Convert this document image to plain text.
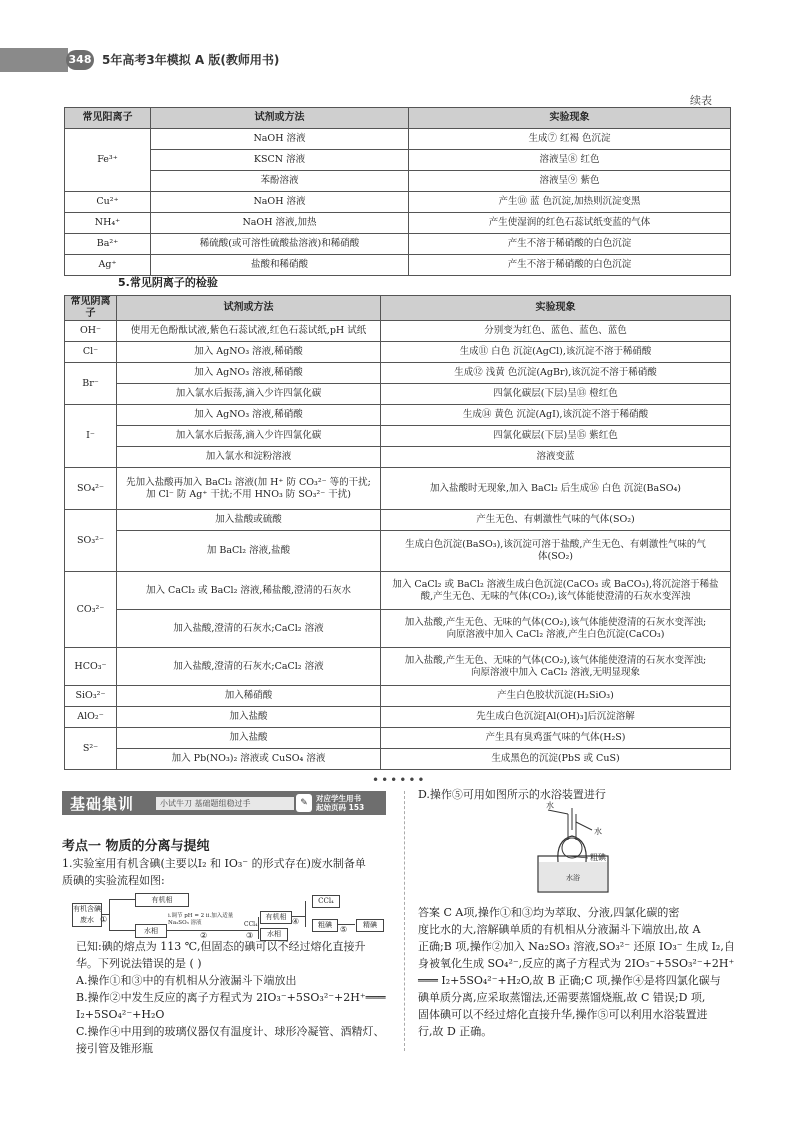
348 5年高考3年模拟 A 版(教师用书)
续表
常见阳离子	试剂或方法	实验现象
Fe³⁺	NaOH 溶液	生成⑦ 红褐 色沉淀
	KSCN 溶液	溶液呈⑧ 红色
	苯酚溶液	溶液呈⑨ 紫色
Cu²⁺	NaOH 溶液	产生⑩ 蓝 色沉淀,加热则沉淀变黑
NH₄⁺	NaOH 溶液,加热	产生使湿润的红色石蕊试纸变蓝的气体
Ba²⁺	稀硫酸(或可溶性硫酸盐溶液)和稀硝酸	产生不溶于稀硝酸的白色沉淀
Ag⁺	盐酸和稀硝酸	产生不溶于稀硝酸的白色沉淀
5.常见阴离子的检验
常见阴离子	试剂或方法	实验现象
OH⁻	使用无色酚酞试液,紫色石蕊试液,红色石蕊试纸,pH 试纸	分别变为红色、蓝色、蓝色、蓝色
Cl⁻	加入 AgNO₃ 溶液,稀硝酸	生成⑪ 白色 沉淀(AgCl),该沉淀不溶于稀硝酸
Br⁻	加入 AgNO₃ 溶液,稀硝酸	生成⑫ 浅黄 色沉淀(AgBr),该沉淀不溶于稀硝酸
	加入氯水后振荡,滴入少许四氯化碳	四氯化碳层(下层)呈⑬ 橙红色
I⁻	加入 AgNO₃ 溶液,稀硝酸	生成⑭ 黄色 沉淀(AgI),该沉淀不溶于稀硝酸
	加入氯水后振荡,滴入少许四氯化碳	四氯化碳层(下层)呈⑮ 紫红色
	加入氯水和淀粉溶液	溶液变蓝
SO₄²⁻	先加入盐酸再加入 BaCl₂ 溶液(加 H⁺ 防 CO₃²⁻ 等的干扰;
加 Cl⁻ 防 Ag⁺ 干扰;不用 HNO₃ 防 SO₃²⁻ 干扰)	加入盐酸时无现象,加入 BaCl₂ 后生成⑯ 白色 沉淀(BaSO₄)
SO₃²⁻	加入盐酸或硫酸	产生无色、有刺激性气味的气体(SO₂)
	加 BaCl₂ 溶液,盐酸	生成白色沉淀(BaSO₃),该沉淀可溶于盐酸,产生无色、有刺激性气味的气
体(SO₂)

CO₃²⁻	加入 CaCl₂ 或 BaCl₂ 溶液,稀盐酸,澄清的石灰水	加入 CaCl₂ 或 BaCl₂ 溶液生成白色沉淀(CaCO₃ 或 BaCO₃),将沉淀溶于稀盐
酸,产生无色、无味的气体(CO₂),该气体能使澄清的石灰水变浑浊

	加入盐酸,澄清的石灰水;CaCl₂ 溶液	加入盐酸,产生无色、无味的气体(CO₂),该气体能使澄清的石灰水变浑浊;
向原溶液中加入 CaCl₂ 溶液,产生白色沉淀(CaCO₃)

HCO₃⁻	加入盐酸,澄清的石灰水;CaCl₂ 溶液	加入盐酸,产生无色、无味的气体(CO₂),该气体能使澄清的石灰水变浑浊;
向原溶液中加入 CaCl₂ 溶液,无明显现象

SiO₃²⁻	加入稀硝酸	产生白色胶状沉淀(H₂SiO₃)
AlO₂⁻	加入盐酸	先生成白色沉淀[Al(OH)₃]后沉淀溶解
S²⁻	加入盐酸	产生具有臭鸡蛋气味的气体(H₂S)
	加入 Pb(NO₃)₂ 溶液或 CuSO₄ 溶液	生成黑色的沉淀(PbS 或 CuS)
••••••
基础集训	小试牛刀 基础题组稳过手	✎	对应学生用书
起始页码 153
考点一 物质的分离与提纯
1.实验室用有机含碘(主要以I₂ 和 IO₃⁻ 的形式存在)废水制备单
质碘的实验流程如图:
有机含碘废水 ①
有机相
水相
i.调节 pH = 2 ii.加入适量 Na₂SO₃ 溶液
②
CCl₄
③
有机相
水相
④
CCl₄
粗碘	⑤	精碘
已知:碘的熔点为 113 ℃,但固态的碘可以不经过熔化直接升
华。下列说法错误的是 ( )
A.操作①和③中的有机相从分液漏斗下端放出
B.操作②中发生反应的离子方程式为 2IO₃⁻+5SO₃²⁻+2H⁺═══
I₂+5SO₄²⁻+H₂O
C.操作④中用到的玻璃仪器仅有温度计、球形冷凝管、酒精灯、
接引管及锥形瓶
D.操作⑤可用如图所示的水浴装置进行
水
水
粗碘
水浴
答案 C A项,操作①和③均为萃取、分液,四氯化碳的密
度比水的大,溶解碘单质的有机相从分液漏斗下端放出,故 A
正确;B 项,操作②加入 Na₂SO₃ 溶液,SO₃²⁻ 还原 IO₃⁻ 生成 I₂,自
身被氧化生成 SO₄²⁻,反应的离子方程式为 2IO₃⁻+5SO₃²⁻+2H⁺
═══ I₂+5SO₄²⁻+H₂O,故 B 正确;C 项,操作④是将四氯化碳与
碘单质分离,应采取蒸馏法,还需要蒸馏烧瓶,故 C 错误;D 项,
固体碘可以不经过熔化直接升华,操作⑤可以利用水浴装置进
行,故 D 正确。
